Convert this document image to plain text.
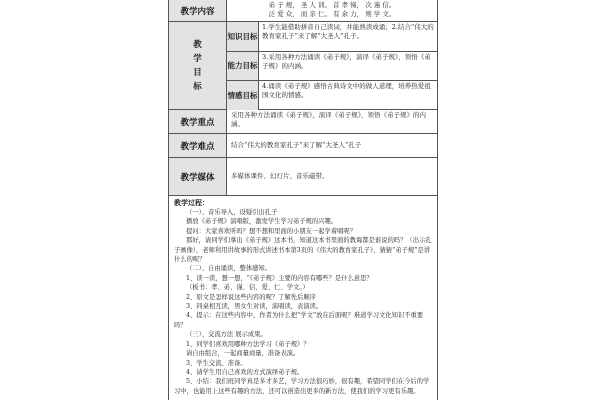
教学内容
弟 子 规， 圣 人 训。 首 孝 悌， 次 谨 信。
泛 爱 众， 而 亲 仁。 有 余 力， 则 学 文。
教
学
目
标
知识目标
1.学生能借助拼音自己读词，并能熟读成诵；2.结合“伟大的教育家孔子”来了解“大圣人”孔子。
能力目标
3.采用各种方法诵读《弟子规》，演译《弟子规》，领悟《弟子规》的内涵。
情感目标
4.诵读《弟子规》感悟古典诗文中的做人道理，培养热爱祖国文化的情感。
教学重点
采用各种方法诵读《弟子规》，演译《弟子规》，领悟《弟子规》的内涵。
教学难点	结合“伟大的教育家孔子”来了解“大圣人”孔子
教学媒体	多媒体课件、幻灯片、音乐磁带。
教学过程：

（一）、音乐导入，设疑引出孔子

播放《弟子规》演唱版，激发学生学习弟子规的兴趣。

提问：大家喜欢听吗？想不想和里面的小朋友一起学着唱呢？

那好，请同学们拿出《弟子规》这本书，知道这本书里面的教诲都是谁说的吗？（出示孔子画像），老师利用讲故事的形式讲述书本第3页的《伟大的教育家孔子》，猜猜“弟子规”是讲什么的呢？

（二）、自由诵读，整体感知。

1、读一读，想一想，“《弟子规》主要的内容有哪些？是什么意思？

（板书：孝、弟、谨、信、爱、仁、学文。）

2、原文是怎样说这些内容的呢？了解先后顺序

3、同桌相互读，男女生对读，演唱读，表演读。

4、提示：在这些内容中，作者为什么把“学文”放在后面呢？难道学习文化知识不重要吗？

（三）、交流方法 展示成果。

1、同学们喜欢用哪种方法学习《弟子规》？

请自由组合，一起商量商量，准备表演。

3、学生交流、准备。

4、请学生用自己喜欢的方式演绎弟子规。

5、小结：我们班同学真是多才多艺，学习方法很巧妙，很有趣，希望同学们在今后的学习中，也能用上这些有趣的方法，还可以创造出更多的新方法，使我们的学习更有乐趣。
